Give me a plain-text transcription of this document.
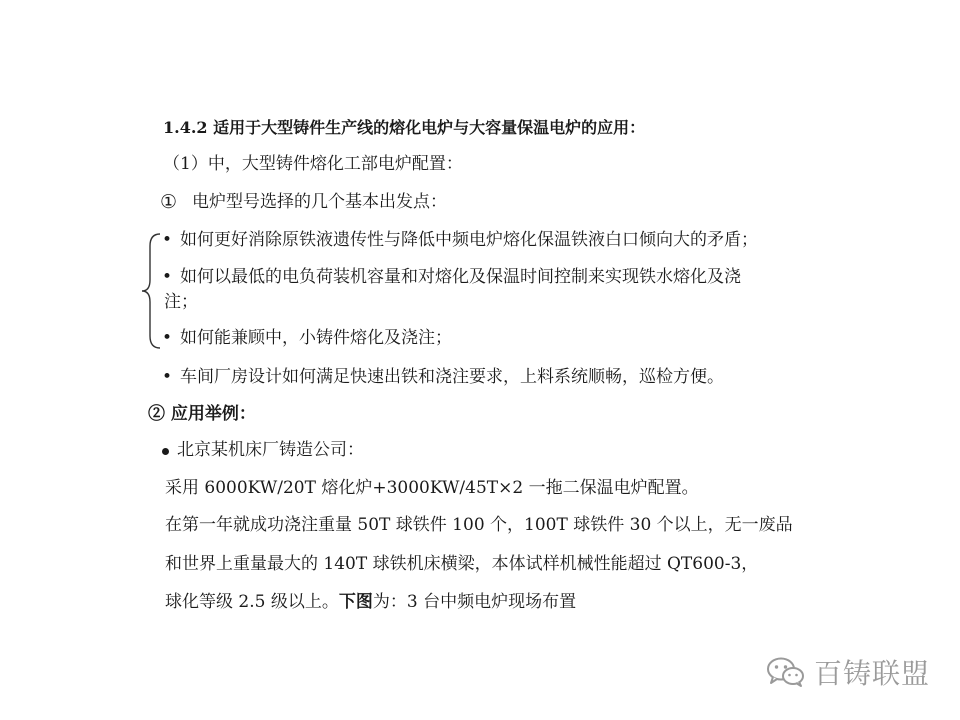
1.4.2 适用于大型铸件生产线的熔化电炉与大容量保温电炉的应用：

（1）中，大型铸件熔化工部电炉配置：

① 电炉型号选择的几个基本出发点：
• 如何更好消除原铁液遗传性与降低中频电炉熔化保温铁液白口倾向大的矛盾；
• 如何以最低的电负荷装机容量和对熔化及保温时间控制来实现铁水熔化及浇
注；
• 如何能兼顾中，小铸件熔化及浇注；
• 车间厂房设计如何满足快速出铁和浇注要求，上料系统顺畅，巡检方便。

② 应用举例：

北京某机床厂铸造公司：

采用 6000KW/20T 熔化炉+3000KW/45T×2 一拖二保温电炉配置。

在第一年就成功浇注重量 50T 球铁件 100 个，100T 球铁件 30 个以上，无一废品

和世界上重量最大的 140T 球铁机床横梁，本体试样机械性能超过 QT600-3，

球化等级 2.5 级以上。下图为：3 台中频电炉现场布置

百铸联盟
